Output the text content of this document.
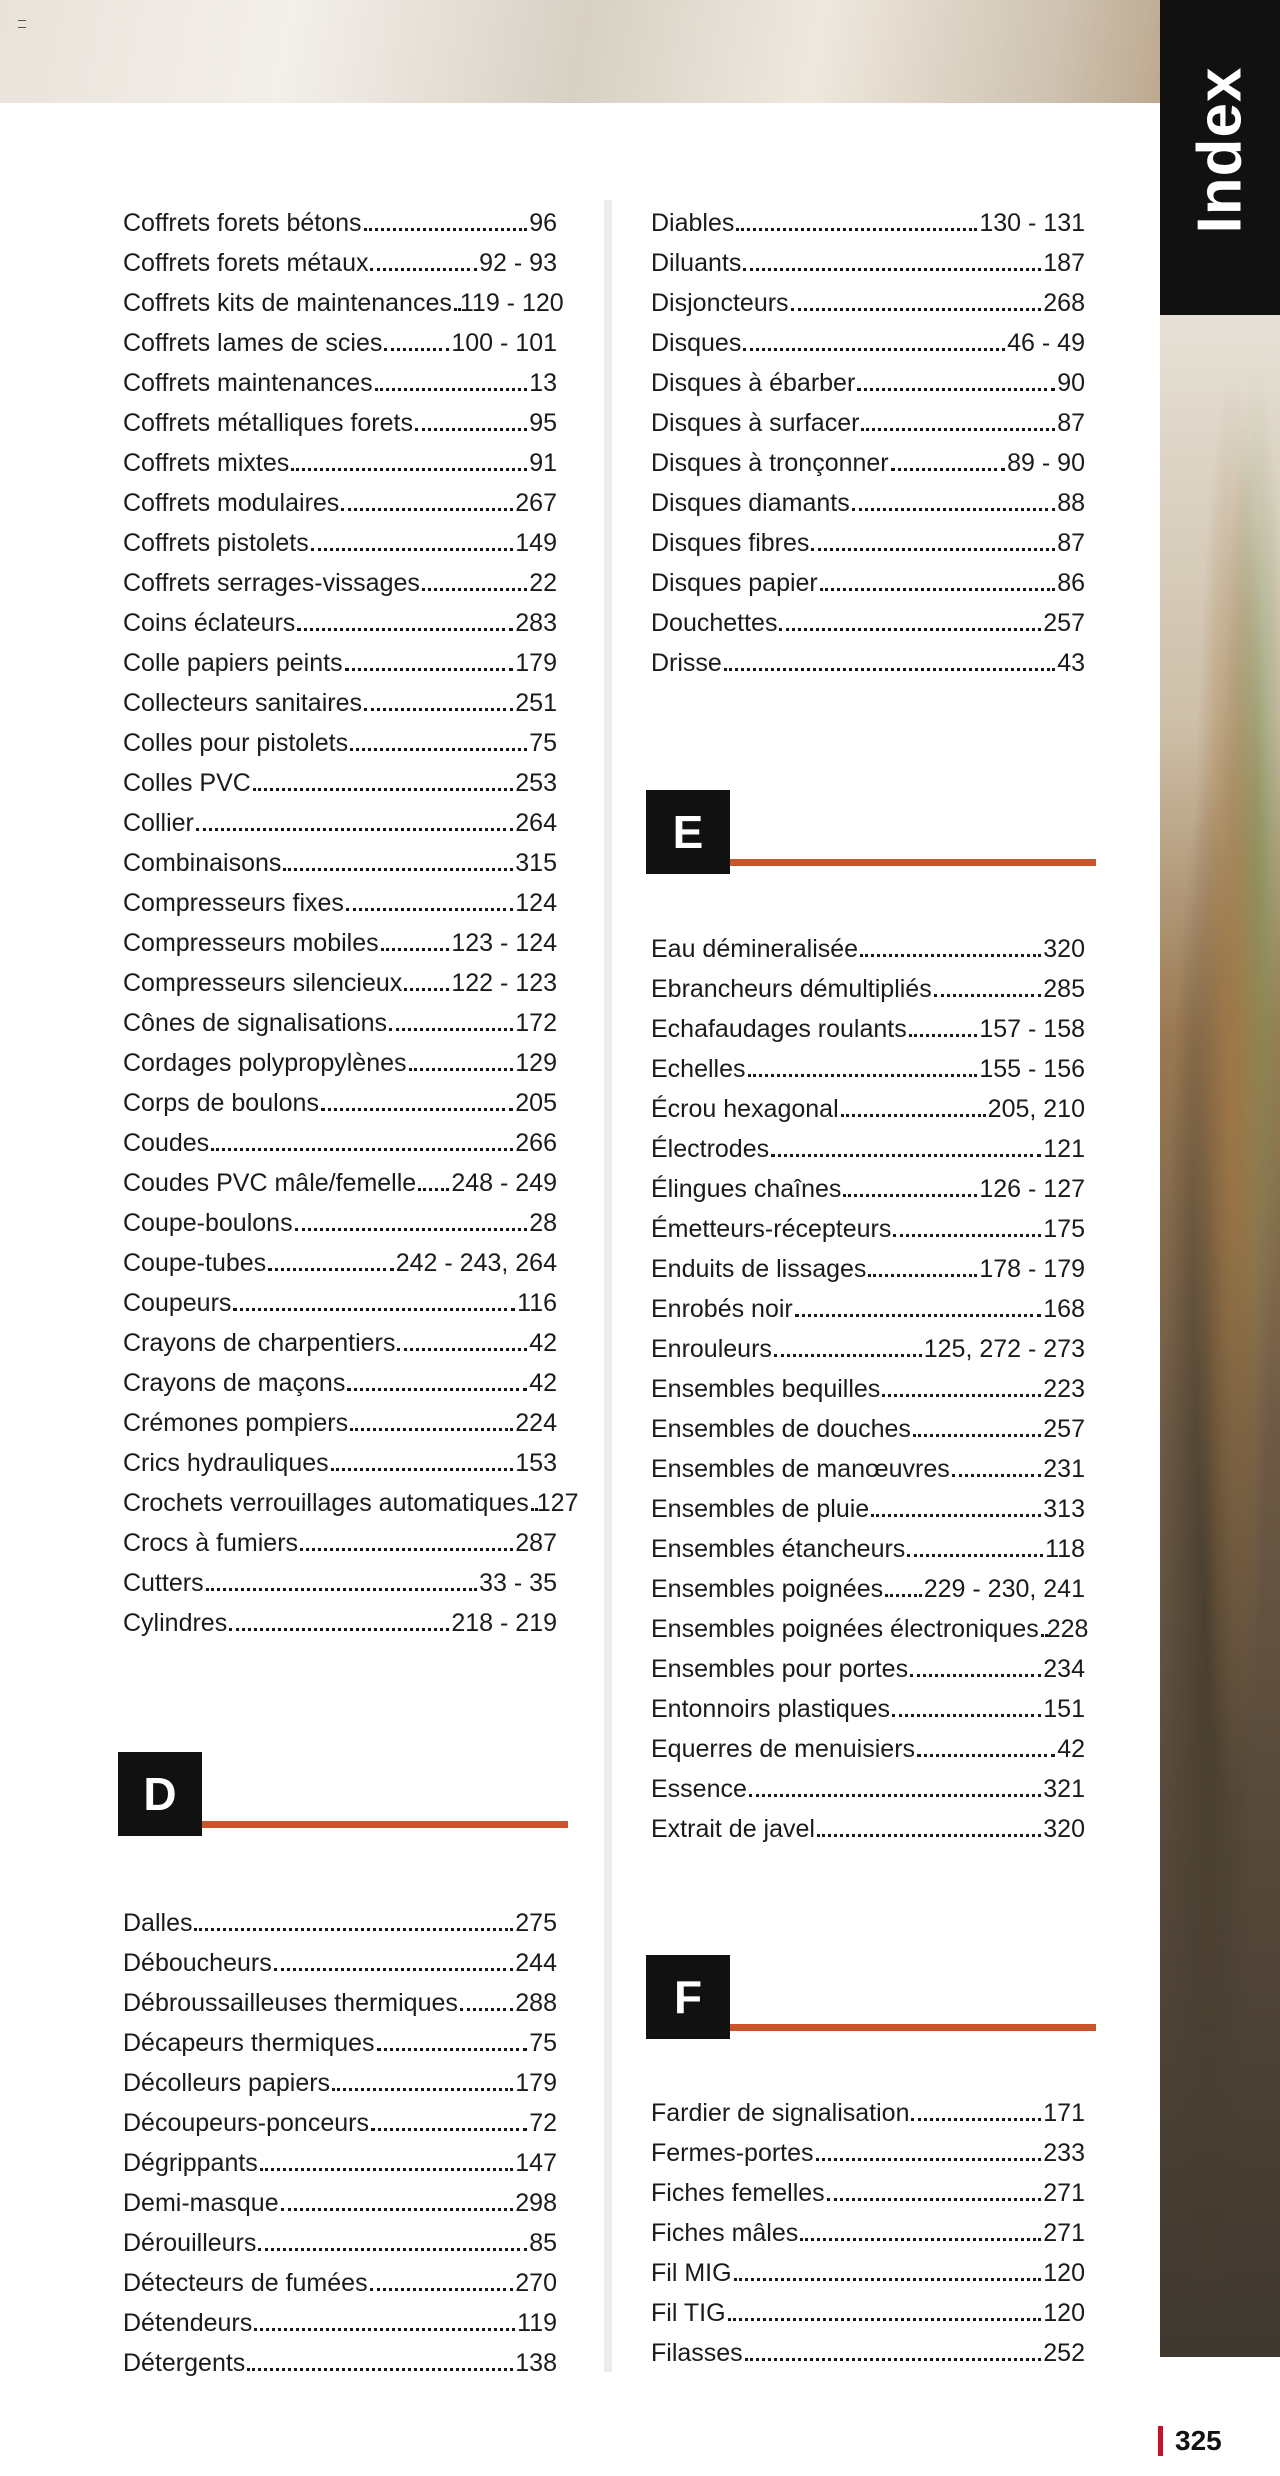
Index
Coffrets forets bétons	96
Coffrets forets métaux	92 - 93
Coffrets kits de maintenances 119 - 120
Coffrets lames de scies	100 - 101
Coffrets maintenances	13
Coffrets métalliques forets	95
Coffrets mixtes	91
Coffrets modulaires	267
Coffrets pistolets	149
Coffrets serrages-vissages	22
Coins éclateurs	283
Colle papiers peints	179
Collecteurs sanitaires	251
Colles pour pistolets	75
Colles PVC	253
Collier	264
Combinaisons	315
Compresseurs fixes	124
Compresseurs mobiles	123 - 124
Compresseurs silencieux 122 - 123
Cônes de signalisations	172
Cordages polypropylènes	129
Corps de boulons	205
Coudes	266
Coudes PVC mâle/femelle 248 - 249
Coupe-boulons	28
Coupe-tubes	242 - 243, 264
Coupeurs	116
Crayons de charpentiers	42
Crayons de maçons	42
Crémones pompiers	224
Crics hydrauliques	153
Crochets verrouillages automatiques 127
Crocs à fumiers	287
Cutters	33 - 35
Cylindres	218 - 219
Dalles	275
Déboucheurs	244
Débroussailleuses thermiques 288
Décapeurs thermiques	75
Décolleurs papiers	179
Découpeurs-ponceurs	72
Dégrippants	147
Demi-masque	298
Dérouilleurs	85
Détecteurs de fumées	270
Détendeurs	119
Détergents	138
D
Diables	130 - 131
Diluants	187
Disjoncteurs	268
Disques	46 - 49
Disques à ébarber	90
Disques à surfacer	87
Disques à tronçonner	89 - 90
Disques diamants	88
Disques fibres	87
Disques papier	86
Douchettes	257
Drisse	43
E
Eau démineralisée	320
Ebrancheurs démultipliés	285
Echafaudages roulants	157 - 158
Echelles	155 - 156
Écrou hexagonal	205, 210
Électrodes	121
Élingues chaînes	126 - 127
Émetteurs-récepteurs	175
Enduits de lissages	178 - 179
Enrobés noir	168
Enrouleurs	125, 272 - 273
Ensembles bequilles	223
Ensembles de douches	257
Ensembles de manœuvres	231
Ensembles de pluie	313
Ensembles étancheurs	118
Ensembles poignées 229 - 230, 241
Ensembles poignées électroniques 228
Ensembles pour portes	234
Entonnoirs plastiques	151
Equerres de menuisiers	42
Essence	321
Extrait de javel	320
F
Fardier de signalisation	171
Fermes-portes	233
Fiches femelles	271
Fiches mâles	271
Fil MIG	120
Fil TIG	120
Filasses	252
325
